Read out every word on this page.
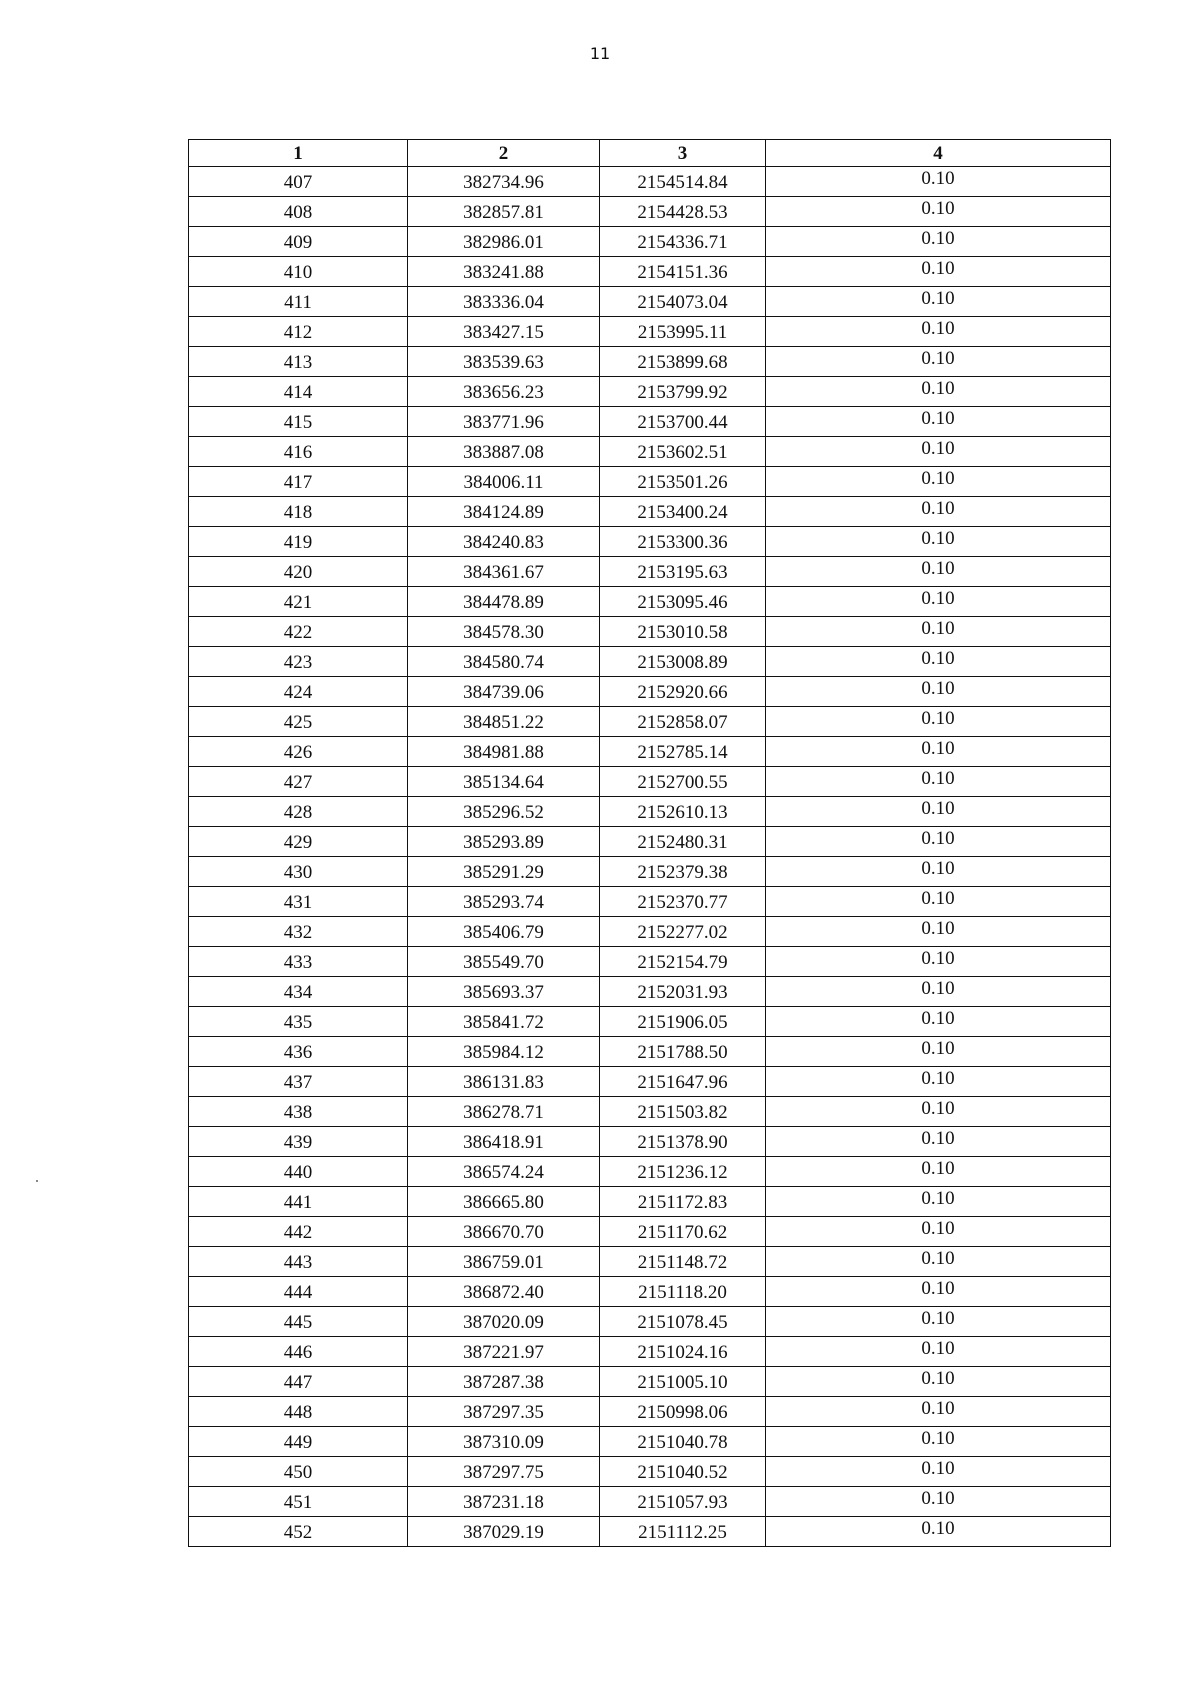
11
1	2	3	4
407	382734.96	2154514.84	0.10
408	382857.81	2154428.53	0.10
409	382986.01	2154336.71	0.10
410	383241.88	2154151.36	0.10
411	383336.04	2154073.04	0.10
412	383427.15	2153995.11	0.10
413	383539.63	2153899.68	0.10
414	383656.23	2153799.92	0.10
415	383771.96	2153700.44	0.10
416	383887.08	2153602.51	0.10
417	384006.11	2153501.26	0.10
418	384124.89	2153400.24	0.10
419	384240.83	2153300.36	0.10
420	384361.67	2153195.63	0.10
421	384478.89	2153095.46	0.10
422	384578.30	2153010.58	0.10
423	384580.74	2153008.89	0.10
424	384739.06	2152920.66	0.10
425	384851.22	2152858.07	0.10
426	384981.88	2152785.14	0.10
427	385134.64	2152700.55	0.10
428	385296.52	2152610.13	0.10
429	385293.89	2152480.31	0.10
430	385291.29	2152379.38	0.10
431	385293.74	2152370.77	0.10
432	385406.79	2152277.02	0.10
433	385549.70	2152154.79	0.10
434	385693.37	2152031.93	0.10
435	385841.72	2151906.05	0.10
436	385984.12	2151788.50	0.10
437	386131.83	2151647.96	0.10
438	386278.71	2151503.82	0.10
439	386418.91	2151378.90	0.10
440	386574.24	2151236.12	0.10
441	386665.80	2151172.83	0.10
442	386670.70	2151170.62	0.10
443	386759.01	2151148.72	0.10
444	386872.40	2151118.20	0.10
445	387020.09	2151078.45	0.10
446	387221.97	2151024.16	0.10
447	387287.38	2151005.10	0.10
448	387297.35	2150998.06	0.10
449	387310.09	2151040.78	0.10
450	387297.75	2151040.52	0.10
451	387231.18	2151057.93	0.10
452	387029.19	2151112.25	0.10
